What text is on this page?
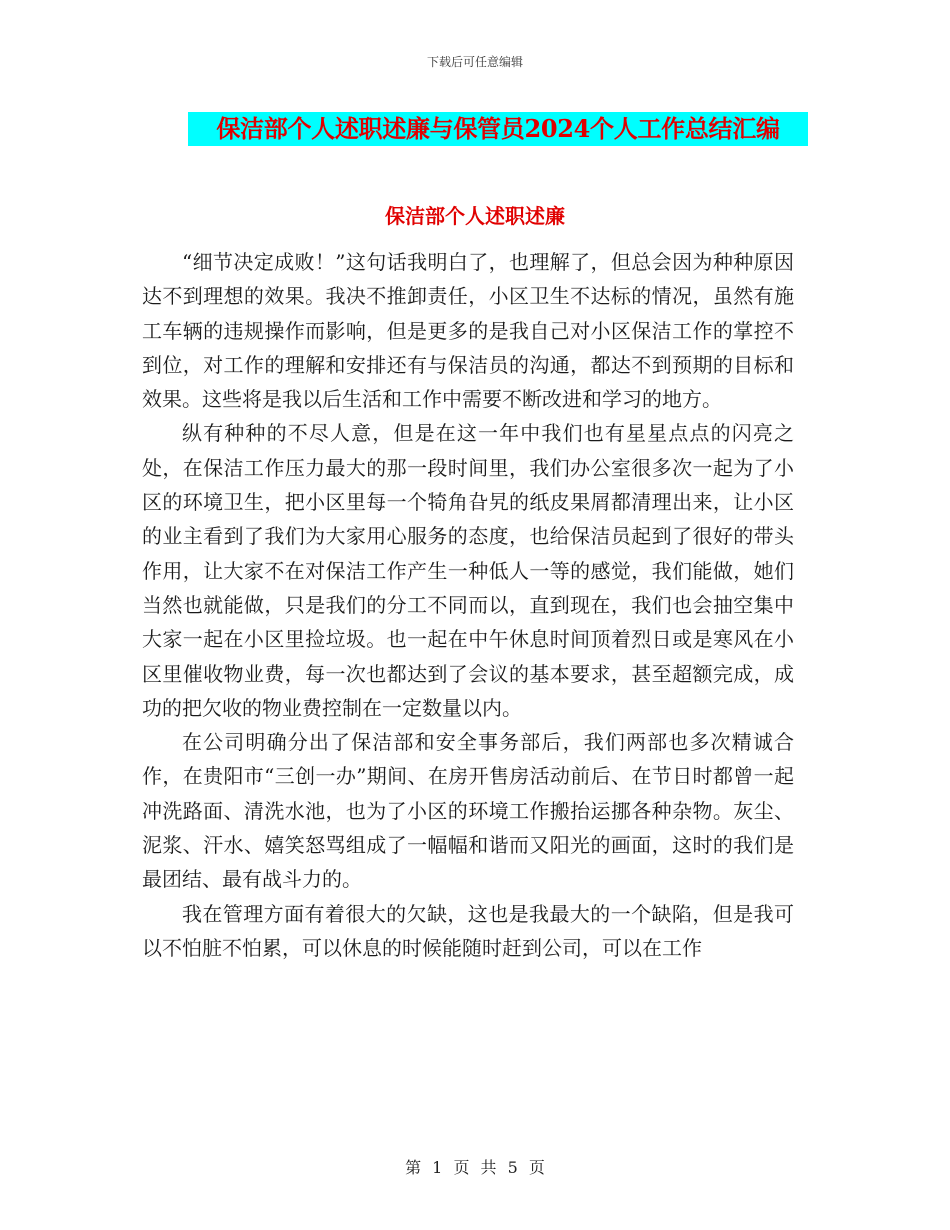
下载后可任意编辑
保洁部个人述职述廉与保管员2024个人工作总结汇编
保洁部个人述职述廉

“细节决定成败！”这句话我明白了，也理解了，但总会因为种种原因达不到理想的效果。我决不推卸责任，小区卫生不达标的情况，虽然有施工车辆的违规操作而影响，但是更多的是我自己对小区保洁工作的掌控不到位，对工作的理解和安排还有与保洁员的沟通，都达不到预期的目标和效果。这些将是我以后生活和工作中需要不断改进和学习的地方。

纵有种种的不尽人意，但是在这一年中我们也有星星点点的闪亮之处，在保洁工作压力最大的那一段时间里，我们办公室很多次一起为了小区的环境卫生，把小区里每一个犄角旮旯的纸皮果屑都清理出来，让小区的业主看到了我们为大家用心服务的态度，也给保洁员起到了很好的带头作用，让大家不在对保洁工作产生一种低人一等的感觉，我们能做，她们当然也就能做，只是我们的分工不同而以，直到现在，我们也会抽空集中大家一起在小区里捡垃圾。也一起在中午休息时间顶着烈日或是寒风在小区里催收物业费，每一次也都达到了会议的基本要求，甚至超额完成，成功的把欠收的物业费控制在一定数量以内。

在公司明确分出了保洁部和安全事务部后，我们两部也多次精诚合作，在贵阳市“三创一办”期间、在房开售房活动前后、在节日时都曾一起冲洗路面、清洗水池，也为了小区的环境工作搬抬运挪各种杂物。灰尘、泥浆、汗水、嬉笑怒骂组成了一幅幅和谐而又阳光的画面，这时的我们是最团结、最有战斗力的。

我在管理方面有着很大的欠缺，这也是我最大的一个缺陷，但是我可以不怕脏不怕累，可以休息的时候能随时赶到公司，可以在工作

第 1 页 共 5 页
